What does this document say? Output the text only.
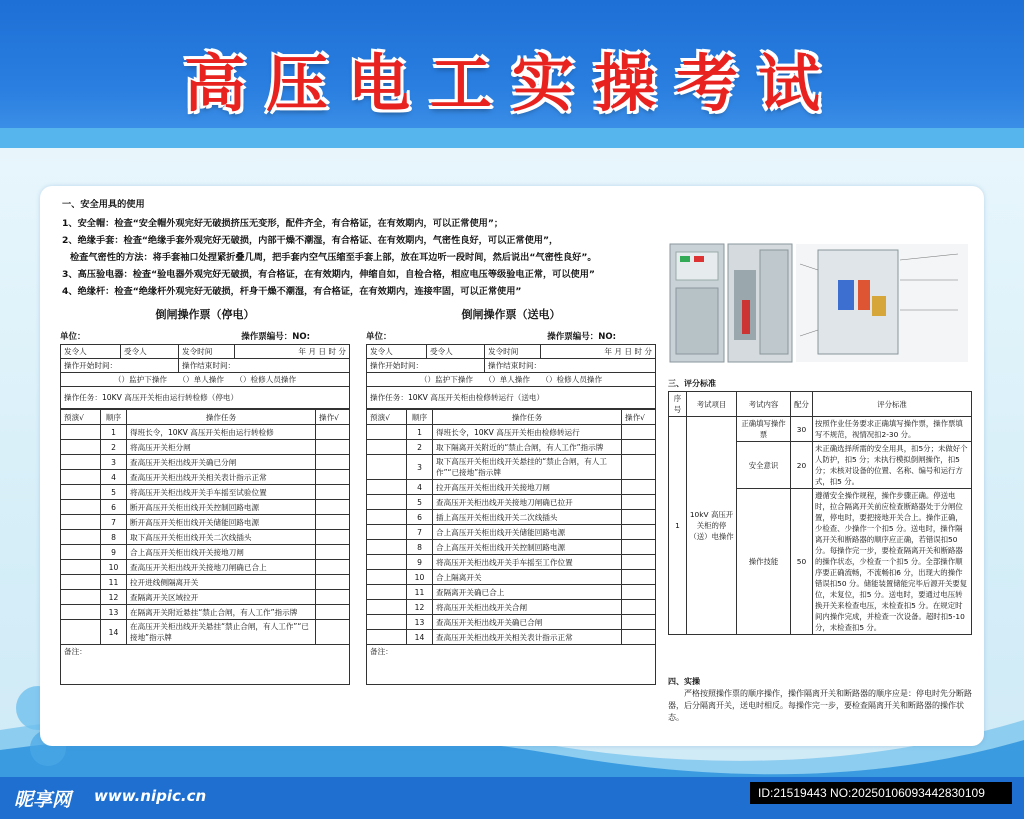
高压电工实操考试

一、安全用具的使用

1、安全帽：检查“安全帽外观完好无破损挤压无变形，配件齐全，有合格证，在有效期内，可以正常使用”；

2、绝缘手套：检查“绝缘手套外观完好无破损，内部干燥不潮湿，有合格证、在有效期内，气密性良好，可以正常使用”，

检查气密性的方法：将手套袖口处捏紧折叠几周，把手套内空气压缩至手套上部，放在耳边听一段时间，然后说出“气密性良好”。

3、高压验电器：检查“验电器外观完好无破损，有合格证，在有效期内，伸缩自如，自检合格，相应电压等级验电正常，可以使用”

4、绝缘杆：检查“绝缘杆外观完好无破损，杆身干燥不潮湿，有合格证，在有效期内，连接牢固，可以正常使用”

倒闸操作票（停电）
单位：	操作票编号：NO:
发令人	受令人	发令时间	年 月 日 时 分
操作开始时间：		操作结束时间：	
（）监护下操作　　（）单人操作　　（）检修人员操作			
操作任务：10KV 高压开关柜由运行转检修（停电）			
预演√	顺序	操作任务	操作√
	1	得班长令，10KV 高压开关柜由运行转检修	
	2	将高压开关柜分闸	
	3	查高压开关柜出线开关确已分闸	
	4	查高压开关柜出线开关相关表计指示正常	
	5	将高压开关柜出线开关手车摇至试验位置	
	6	断开高压开关柜出线开关控制回路电源	
	7	断开高压开关柜出线开关储能回路电源	
	8	取下高压开关柜出线开关二次线插头	
	9	合上高压开关柜出线开关接地刀闸	
	10	查高压开关柜出线开关接地刀闸确已合上	
	11	拉开进线侧隔离开关	
	12	查隔离开关区域拉开	
	13	在隔离开关附近悬挂“禁止合闸，有人工作”指示牌	
	14	在高压开关柜出线开关悬挂“禁止合闸，有人工作”“已接地”指示牌	
备注：			
倒闸操作票（送电）
单位：	操作票编号：NO:
发令人	受令人	发令时间	年 月 日 时 分
操作开始时间：		操作结束时间：	
（）监护下操作　　（）单人操作　　（）检修人员操作			
操作任务：10KV 高压开关柜由检修转运行（送电）			
预演√	顺序	操作任务	操作√
	1	得班长令，10KV 高压开关柜由检修转运行	
	2	取下隔离开关附近的“禁止合闸，有人工作”指示牌	
	3	取下高压开关柜出线开关悬挂的“禁止合闸，有人工作”“已接地”指示牌	
	4	拉开高压开关柜出线开关接地刀闸	
	5	查高压开关柜出线开关接地刀闸确已拉开	
	6	插上高压开关柜出线开关二次线插头	
	7	合上高压开关柜出线开关储能回路电源	
	8	合上高压开关柜出线开关控制回路电源	
	9	将高压开关柜出线开关手车摇至工作位置	
	10	合上隔离开关	
	11	查隔离开关确已合上	
	12	将高压开关柜出线开关合闸	
	13	查高压开关柜出线开关确已合闸	
	14	查高压开关柜出线开关相关表计指示正常	
备注：			

三、评分标准

序号	考试项目	考试内容	配分	评分标准
1	10kV 高压开关柜的停（送）电操作	正确填写操作票	30	按照作业任务要求正确填写操作票，操作票填写不规范，视情况扣2-30 分。
		安全意识	20	未正确选择所需的安全用具，扣5分；未做好个人防护，扣5 分；未执行模拟倒闸操作，扣5 分；未核对设备的位置、名称、编号和运行方式，扣5 分。
		操作技能	50	遵循安全操作规程，操作步骤正确。停送电时，拉合隔离开关前应检查断路器处于分闸位置，停电时，要把接地开关合上。操作正确，少检查、少操作一个扣5 分。送电时，操作隔离开关和断路器的顺序应正确，若错误扣50 分。每操作完一步，要检查隔离开关和断路器的操作状态，少检查一个扣5 分。全部操作顺序要正确流畅，不流畅扣6 分，出现大的操作错误扣50 分。储能装置储能完毕后源开关要复位，未复位，扣5 分。送电时，要通过电压转换开关来检查电压，未检查扣5 分。在规定时间内操作完成，并检查一次设备。超时扣5-10 分，未检查扣5 分。

四、实操

严格按照操作票的顺序操作，操作隔离开关和断路器的顺序应是：停电时先分断路器，后分隔离开关，送电时相反。每操作完一步，要检查隔离开关和断路器的操作状态。

昵享网 www.nipic.cn	ID:21519443 NO:20250106093442830109
